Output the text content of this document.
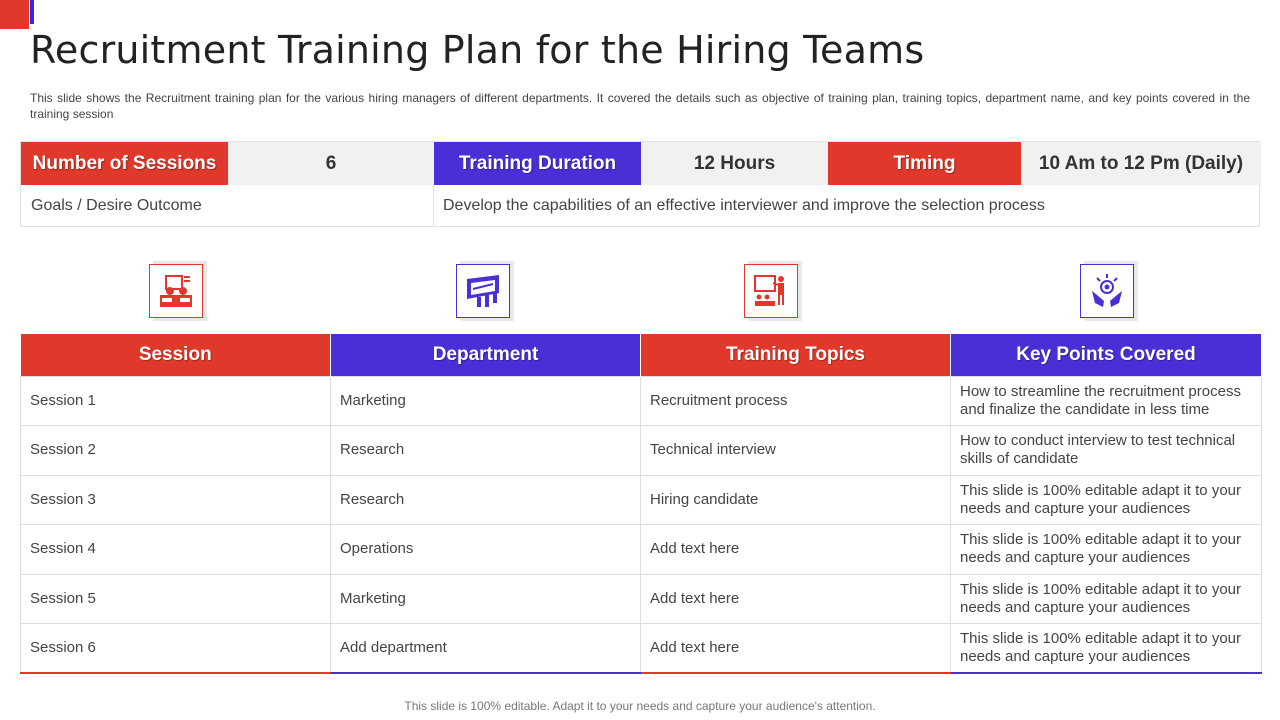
Recruitment Training Plan for the Hiring Teams

This slide shows the Recruitment training plan for the various hiring managers of different departments. It covered the details such as objective of training plan, training topics, department name, and key points covered in the training session

Number of Sessions	6	Training Duration	12 Hours	Timing	10 Am to 12 Pm (Daily)
Goals / Desire Outcome	Develop the capabilities of an effective interviewer and improve the selection process
Session	Department	Training Topics	Key Points Covered
Session 1	Marketing	Recruitment process	How to streamline the recruitment process and finalize the candidate in less time
Session 2	Research	Technical interview	How to conduct interview to test technical skills of candidate
Session 3	Research	Hiring candidate	This slide is 100% editable adapt it to your needs and capture your audiences
Session 4	Operations	Add text here	This slide is 100% editable adapt it to your needs and capture your audiences
Session 5	Marketing	Add text here	This slide is 100% editable adapt it to your needs and capture your audiences
Session 6	Add department	Add text here	This slide is 100% editable adapt it to your needs and capture your audiences
This slide is 100% editable. Adapt it to your needs and capture your audience's attention.
